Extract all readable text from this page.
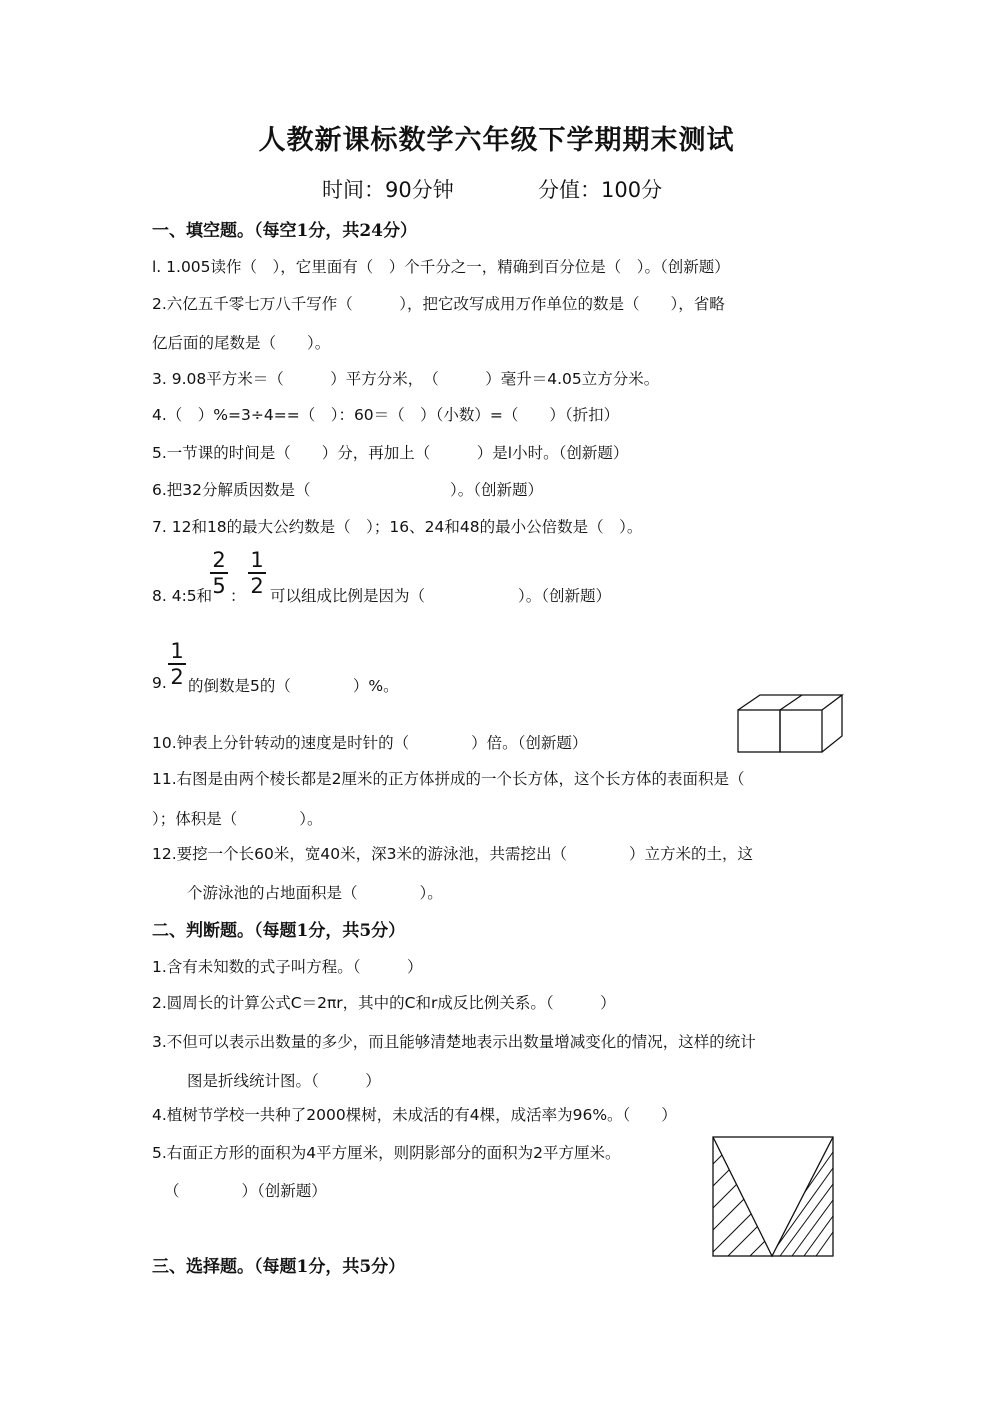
人教新课标数学六年级下学期期末测试
时间：90分钟	分值：100分
一、填空题。（每空1分，共24分）
l. 1.005读作（　），它里面有（　）个千分之一，精确到百分位是（　）。（创新题）
2.六亿五千零七万八千写作（　　　），把它改写成用万作单位的数是（　　），省略
亿后面的尾数是（　　）。
3. 9.08平方米＝（　　　）平方分米，　（　　　）毫升＝4.05立方分米。
4.（　）%=3÷4==（　）：60＝（　）（小数）=（　　）（折扣）
5.一节课的时间是（　　）分，再加上（　　　）是l小时。（创新题）
6.把32分解质因数是（　　　　　　　　　）。（创新题）
7. 12和18的最大公约数是（　）；16、24和48的最小公倍数是（　）。
8. 4:5和
2
5 ：
1
2 可以组成比例是因为（　　　　　　）。（创新题）
9.
1
2 的倒数是5的（　　　　）%。
10.钟表上分针转动的速度是时针的（　　　　）倍。（创新题）
11.右图是由两个棱长都是2厘米的正方体拼成的一个长方体，这个长方体的表面积是（
）；体积是（　　　　）。
12.要挖一个长60米，宽40米，深3米的游泳池，共需挖出（　　　　）立方米的土，这
个游泳池的占地面积是（　　　　）。
二、判断题。（每题1分，共5分）
1.含有未知数的式子叫方程。（　　　）
2.圆周长的计算公式C＝2πr，其中的C和r成反比例关系。（　　　）
3.不但可以表示出数量的多少，而且能够清楚地表示出数量增减变化的情况，这样的统计
图是折线统计图。（　　　）
4.植树节学校一共种了2000棵树，未成活的有4棵，成活率为96%。（　　）
5.右面正方形的面积为4平方厘米，则阴影部分的面积为2平方厘米。
（　　　　）（创新题）
三、选择题。（每题1分，共5分）
